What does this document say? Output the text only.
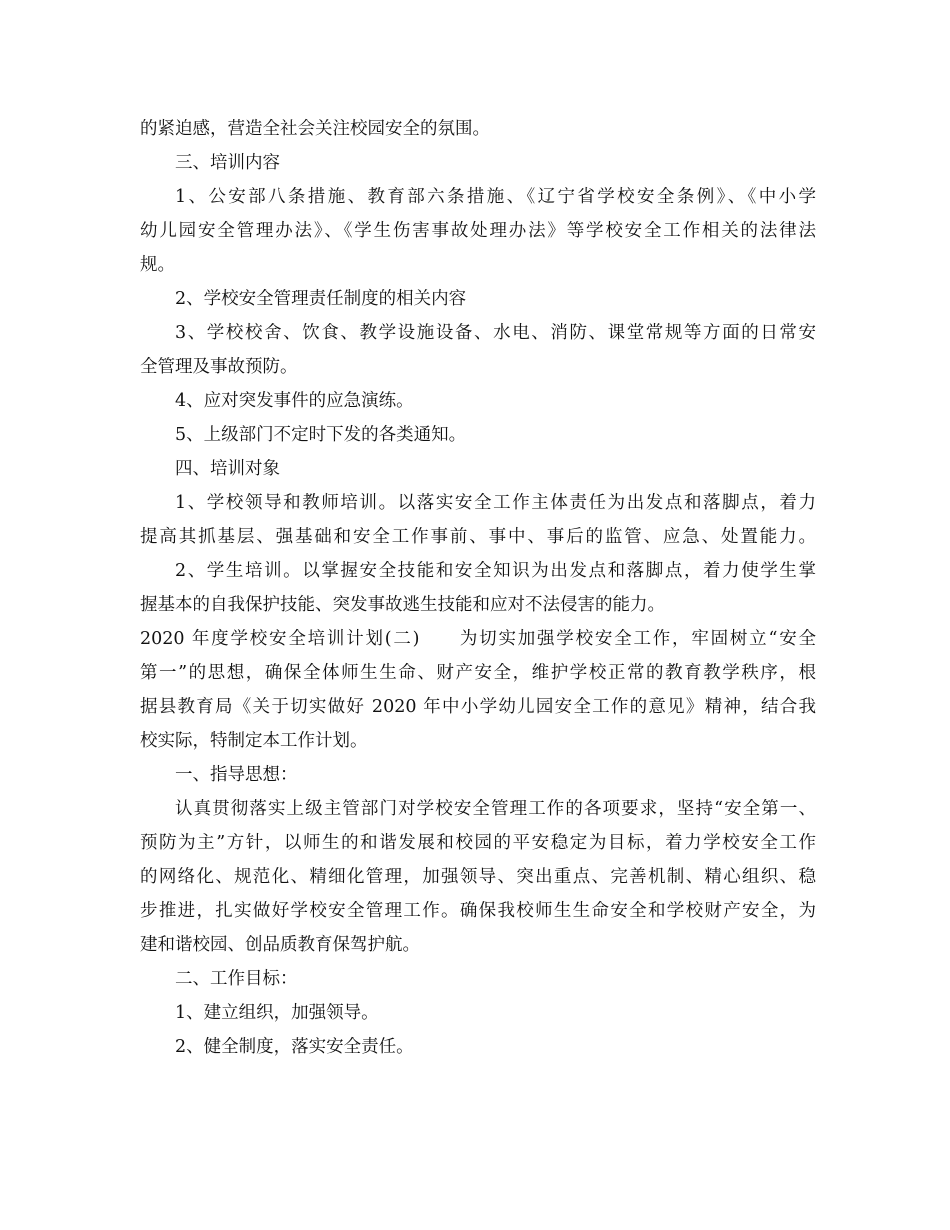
的紧迫感，营造全社会关注校园安全的氛围。
三、培训内容
1、公安部八条措施、教育部六条措施、《辽宁省学校安全条例》、《中小学
幼儿园安全管理办法》、《学生伤害事故处理办法》等学校安全工作相关的法律法
规。
2、学校安全管理责任制度的相关内容
3、学校校舍、饮食、教学设施设备、水电、消防、课堂常规等方面的日常安
全管理及事故预防。
4、应对突发事件的应急演练。
5、上级部门不定时下发的各类通知。
四、培训对象
1、学校领导和教师培训。以落实安全工作主体责任为出发点和落脚点，着力
提高其抓基层、强基础和安全工作事前、事中、事后的监管、应急、处置能力。
2、学生培训。以掌握安全技能和安全知识为出发点和落脚点，着力使学生掌
握基本的自我保护技能、突发事故逃生技能和应对不法侵害的能力。
2020 年度学校安全培训计划(二)　　为切实加强学校安全工作，牢固树立“安全
第一”的思想，确保全体师生生命、财产安全，维护学校正常的教育教学秩序，根
据县教育局《关于切实做好 2020 年中小学幼儿园安全工作的意见》精神，结合我
校实际，特制定本工作计划。
一、指导思想：
认真贯彻落实上级主管部门对学校安全管理工作的各项要求，坚持“安全第一、
预防为主”方针，以师生的和谐发展和校园的平安稳定为目标，着力学校安全工作
的网络化、规范化、精细化管理，加强领导、突出重点、完善机制、精心组织、稳
步推进，扎实做好学校安全管理工作。确保我校师生生命安全和学校财产安全，为
建和谐校园、创品质教育保驾护航。
二、工作目标：
1、建立组织，加强领导。
2、健全制度，落实安全责任。
